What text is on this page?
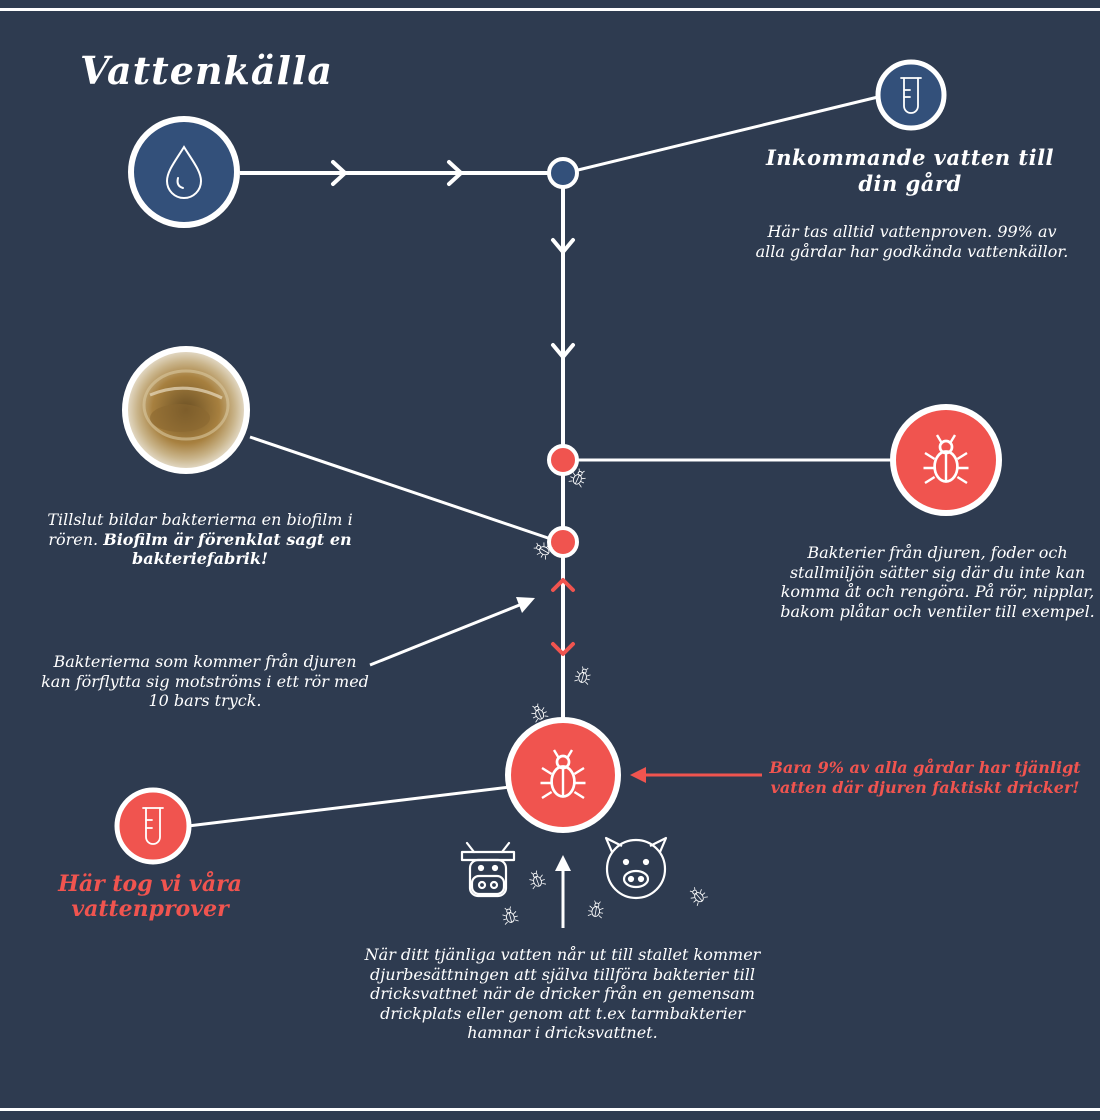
Vattenkälla
Inkommande vatten till din gård
Här tas alltid vattenproven. 99% av alla gårdar har godkända vattenkällor.
Tillslut bildar bakterierna en biofilm i rören. Biofilm är förenklat sagt en bakteriefabrik!	Bakterier från djuren, foder och stallmiljön sätter sig där du inte kan komma åt och rengöra. På rör, nipplar, bakom plåtar och ventiler till exempel.
Bakterierna som kommer från djuren kan förflytta sig motströms i ett rör med 10 bars tryck.
Bara 9% av alla gårdar har tjänligt vatten där djuren faktiskt dricker!
Här tog vi våra vattenprover
När ditt tjänliga vatten når ut till stallet kommer djurbesättningen att själva tillföra bakterier till dricksvattnet när de dricker från en gemensam drickplats eller genom att t.ex tarmbakterier hamnar i dricksvattnet.
